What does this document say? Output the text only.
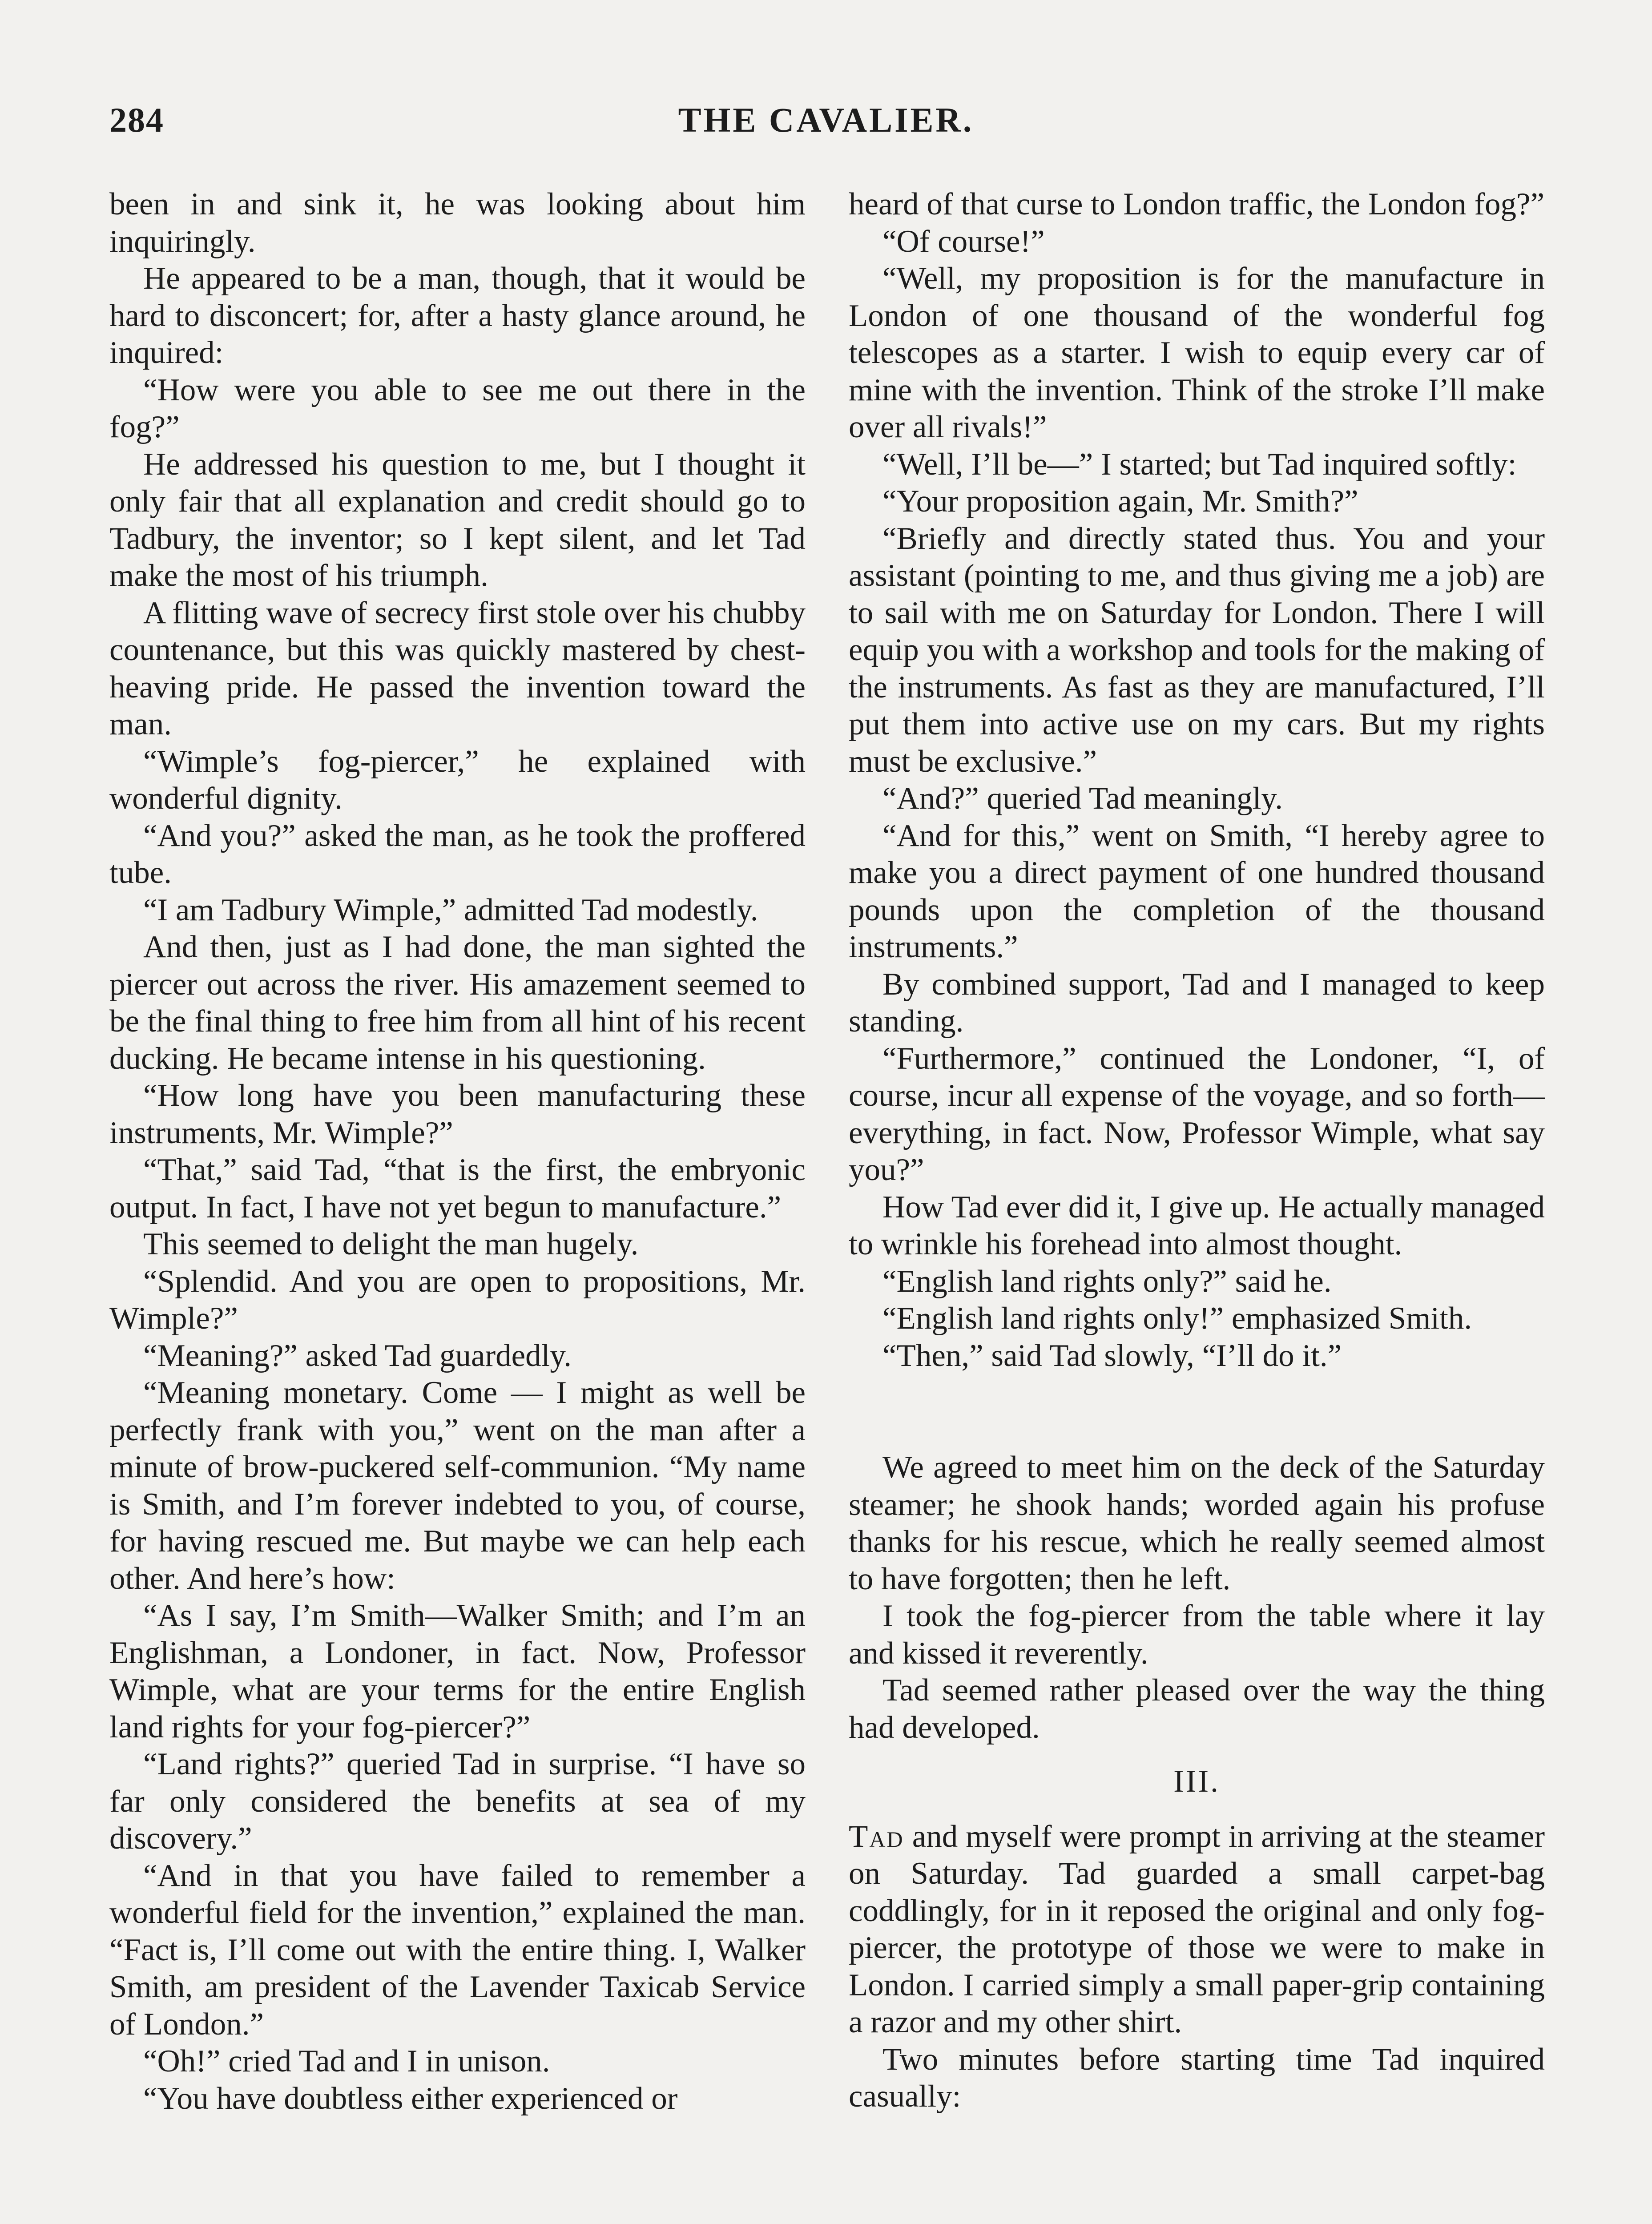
284	THE CAVALIER.

been in and sink it, he was looking about him inquiringly.

He appeared to be a man, though, that it would be hard to disconcert; for, after a hasty glance around, he inquired:

“How were you able to see me out there in the fog?”

He addressed his question to me, but I thought it only fair that all explanation and credit should go to Tadbury, the inventor; so I kept silent, and let Tad make the most of his triumph.

A flitting wave of secrecy first stole over his chubby countenance, but this was quickly mastered by chest-heaving pride. He passed the invention toward the man.

“Wimple’s fog-piercer,” he explained with wonderful dignity.

“And you?” asked the man, as he took the proffered tube.

“I am Tadbury Wimple,” admitted Tad modestly.

And then, just as I had done, the man sighted the piercer out across the river. His amazement seemed to be the final thing to free him from all hint of his recent ducking. He became intense in his questioning.

“How long have you been manufacturing these instruments, Mr. Wimple?”

“That,” said Tad, “that is the first, the embryonic output. In fact, I have not yet begun to manufacture.”

This seemed to delight the man hugely.

“Splendid. And you are open to propositions, Mr. Wimple?”

“Meaning?” asked Tad guardedly.

“Meaning monetary. Come — I might as well be perfectly frank with you,” went on the man after a minute of brow-puckered self-communion. “My name is Smith, and I’m forever indebted to you, of course, for having rescued me. But maybe we can help each other. And here’s how:

“As I say, I’m Smith—Walker Smith; and I’m an Englishman, a Londoner, in fact. Now, Professor Wimple, what are your terms for the entire English land rights for your fog-piercer?”

“Land rights?” queried Tad in surprise. “I have so far only considered the benefits at sea of my discovery.”

“And in that you have failed to remember a wonderful field for the invention,” explained the man. “Fact is, I’ll come out with the entire thing. I, Walker Smith, am president of the Lavender Taxicab Service of London.”

“Oh!” cried Tad and I in unison.

“You have doubtless either experienced or

heard of that curse to London traffic, the London fog?”

“Of course!”

“Well, my proposition is for the manufacture in London of one thousand of the wonderful fog telescopes as a starter. I wish to equip every car of mine with the invention. Think of the stroke I’ll make over all rivals!”

“Well, I’ll be—” I started; but Tad inquired softly:

“Your proposition again, Mr. Smith?”

“Briefly and directly stated thus. You and your assistant (pointing to me, and thus giving me a job) are to sail with me on Saturday for London. There I will equip you with a workshop and tools for the making of the instruments. As fast as they are manufactured, I’ll put them into active use on my cars. But my rights must be exclusive.”

“And?” queried Tad meaningly.

“And for this,” went on Smith, “I hereby agree to make you a direct payment of one hundred thousand pounds upon the completion of the thousand instruments.”

By combined support, Tad and I managed to keep standing.

“Furthermore,” continued the Londoner, “I, of course, incur all expense of the voyage, and so forth—everything, in fact. Now, Professor Wimple, what say you?”

How Tad ever did it, I give up. He actually managed to wrinkle his forehead into almost thought.

“English land rights only?” said he.

“English land rights only!” emphasized Smith.

“Then,” said Tad slowly, “I’ll do it.”

We agreed to meet him on the deck of the Saturday steamer; he shook hands; worded again his profuse thanks for his rescue, which he really seemed almost to have forgotten; then he left.

I took the fog-piercer from the table where it lay and kissed it reverently.

Tad seemed rather pleased over the way the thing had developed.

III.

Tad and myself were prompt in arriving at the steamer on Saturday. Tad guarded a small carpet-bag coddlingly, for in it reposed the original and only fog-piercer, the prototype of those we were to make in London. I carried simply a small paper-grip containing a razor and my other shirt.

Two minutes before starting time Tad inquired casually:
